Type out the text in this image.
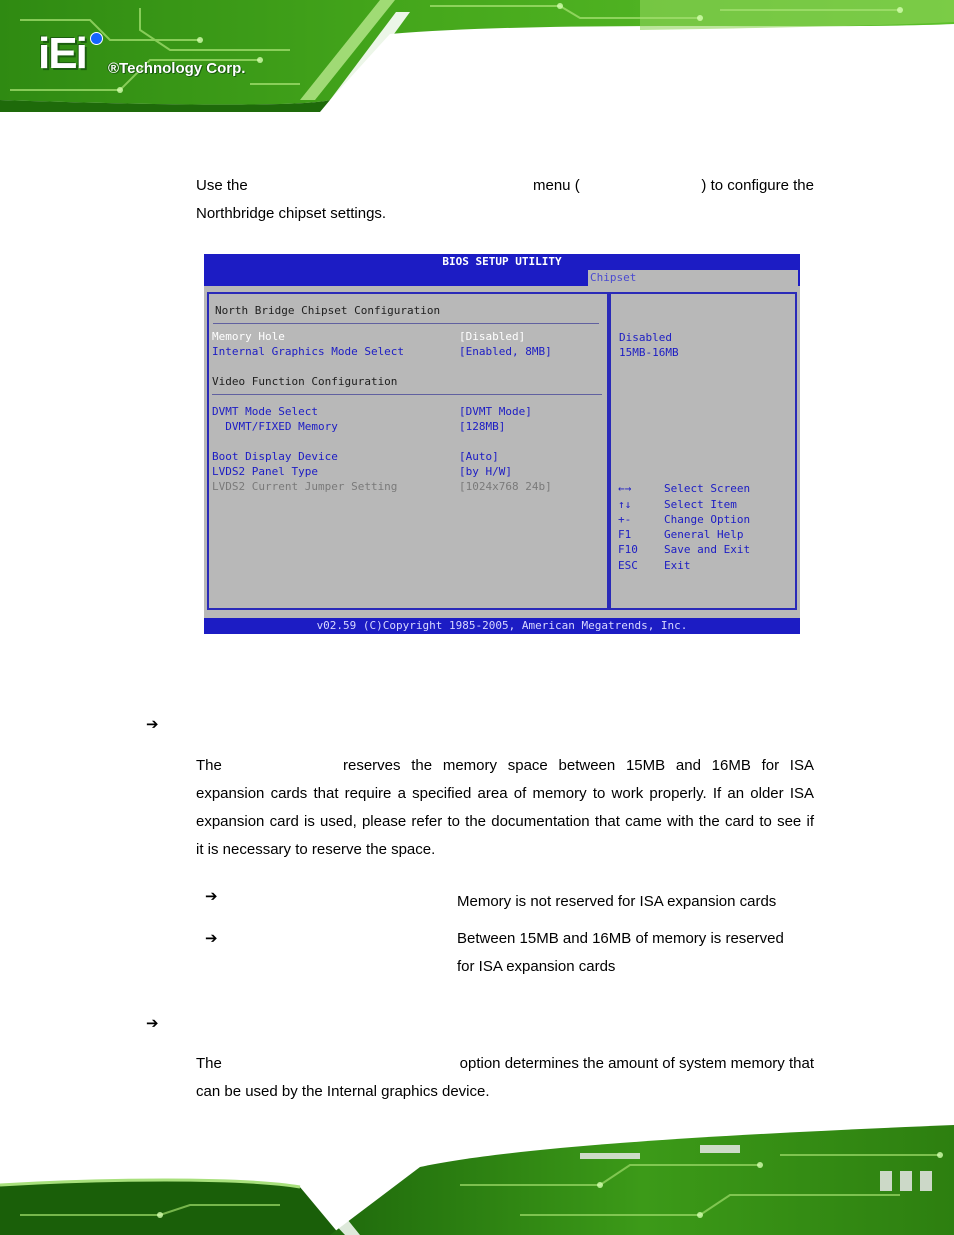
iEi ®Technology Corp.
Use the	menu (	) to configure the
Northbridge chipset settings.
BIOS SETUP UTILITY
Chipset
North Bridge Chipset Configuration
Memory Hole	[Disabled]
Internal Graphics Mode Select	[Enabled, 8MB]
Video Function Configuration
DVMT Mode Select	[DVMT Mode]
DVMT/FIXED Memory	[128MB]
Boot Display Device	[Auto]
LVDS2 Panel Type	[by H/W]
LVDS2 Current Jumper Setting	[1024x768 24b]
Disabled
15MB-16MB
←→	Select Screen
↑↓	Select Item
+-	Change Option
F1	General Help
F10 Save and Exit
ESC Exit
v02.59 (C)Copyright 1985-2005, American Megatrends, Inc.
➔
The	reserves the memory space between 15MB and 16MB for ISA
expansion cards that require a specified area of memory to work properly. If an older ISA
expansion card is used, please refer to the documentation that came with the card to see if
it is necessary to reserve the space.
➔	Memory is not reserved for ISA expansion cards
➔	Between 15MB and 16MB of memory is reserved
for ISA expansion cards
➔
The	option determines the amount of system memory that
can be used by the Internal graphics device.
